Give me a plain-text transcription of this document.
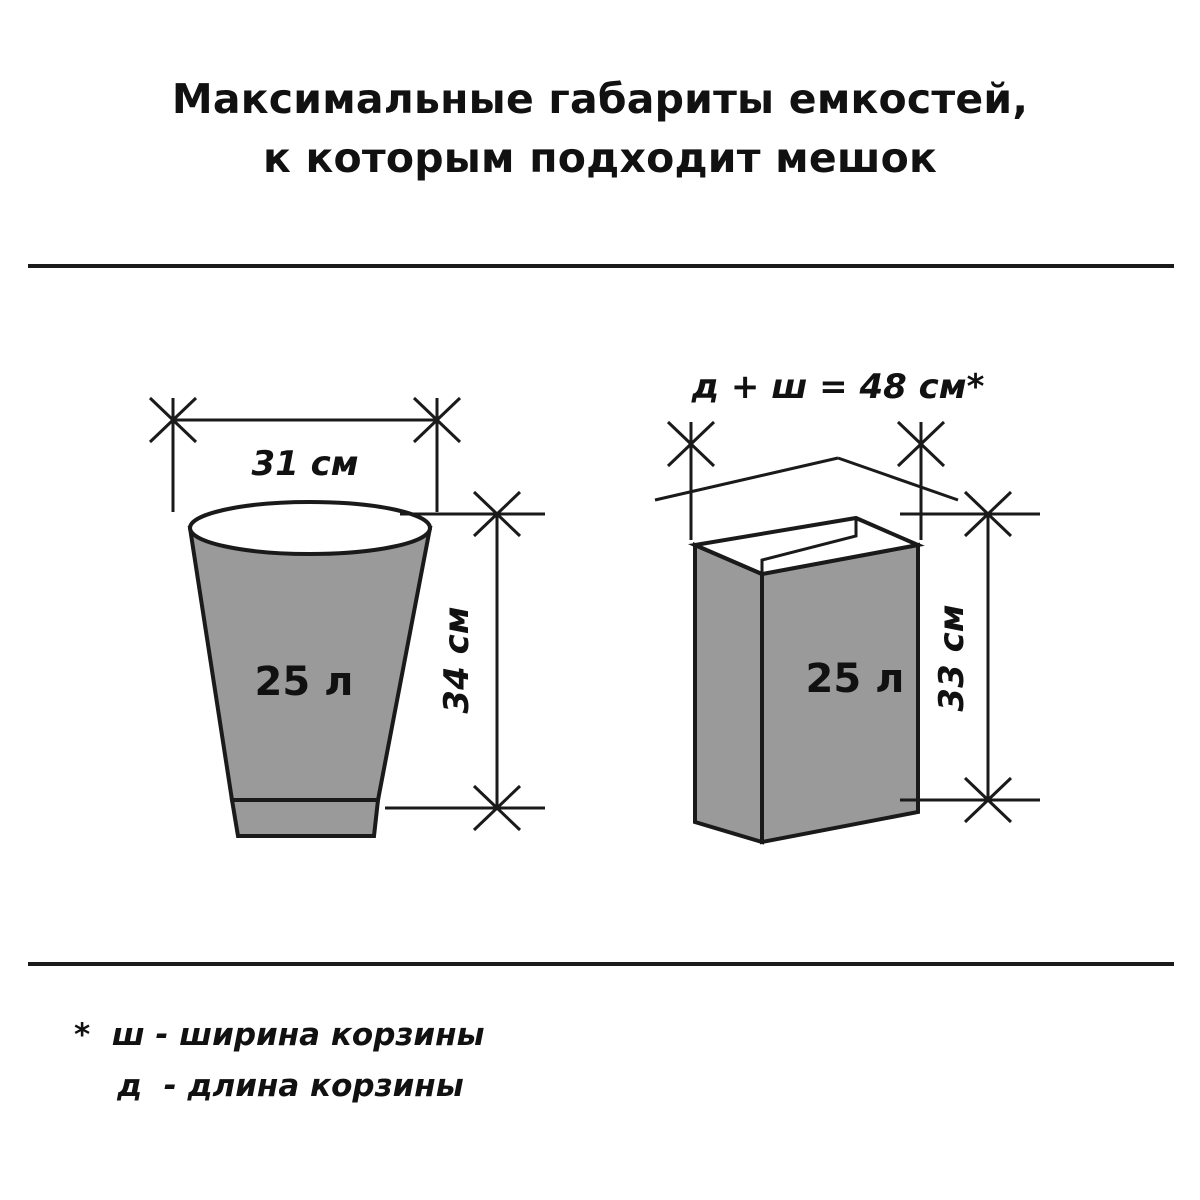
Максимальные габариты емкостей,
к которым подходит мешок
31 см
34 см
25 л
д + ш = 48 см*
33 см
25 л
*  ш - ширина корзины
д  - длина корзины
